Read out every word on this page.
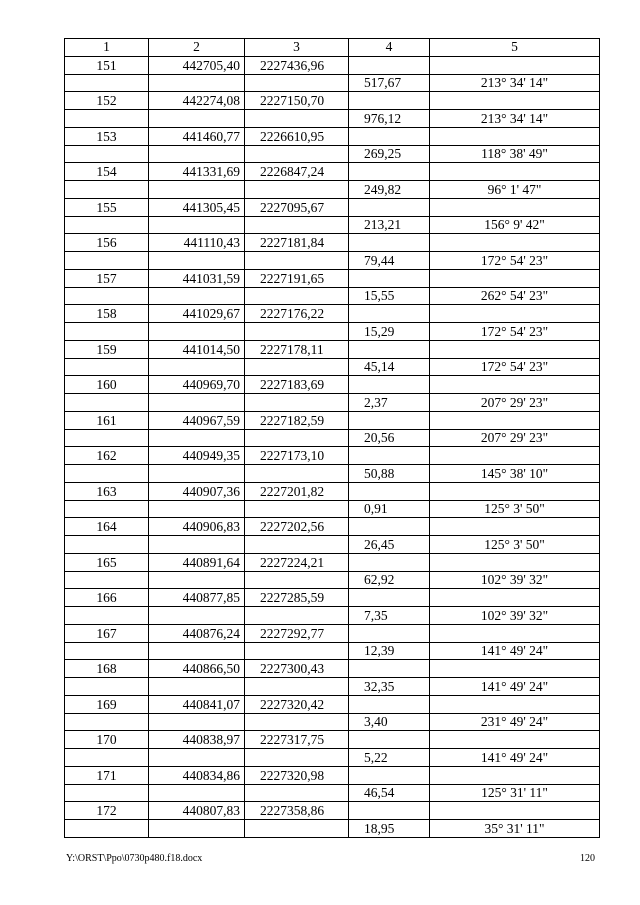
1	2	3	4	5
151	442705,40	2227436,96		
			517,67	213° 34' 14"
152	442274,08	2227150,70		
			976,12	213° 34' 14"
153	441460,77	2226610,95		
			269,25	118° 38' 49"
154	441331,69	2226847,24		
			249,82	96° 1' 47"
155	441305,45	2227095,67		
			213,21	156° 9' 42"
156	441110,43	2227181,84		
			79,44	172° 54' 23"
157	441031,59	2227191,65		
			15,55	262° 54' 23"
158	441029,67	2227176,22		
			15,29	172° 54' 23"
159	441014,50	2227178,11		
			45,14	172° 54' 23"
160	440969,70	2227183,69		
			2,37	207° 29' 23"
161	440967,59	2227182,59		
			20,56	207° 29' 23"
162	440949,35	2227173,10		
			50,88	145° 38' 10"
163	440907,36	2227201,82		
			0,91	125° 3' 50"
164	440906,83	2227202,56		
			26,45	125° 3' 50"
165	440891,64	2227224,21		
			62,92	102° 39' 32"
166	440877,85	2227285,59		
			7,35	102° 39' 32"
167	440876,24	2227292,77		
			12,39	141° 49' 24"
168	440866,50	2227300,43		
			32,35	141° 49' 24"
169	440841,07	2227320,42		
			3,40	231° 49' 24"
170	440838,97	2227317,75		
			5,22	141° 49' 24"
171	440834,86	2227320,98		
			46,54	125° 31' 11"
172	440807,83	2227358,86		
			18,95	35° 31' 11"
Y:\ORST\Ppo\0730p480.f18.docx	120
